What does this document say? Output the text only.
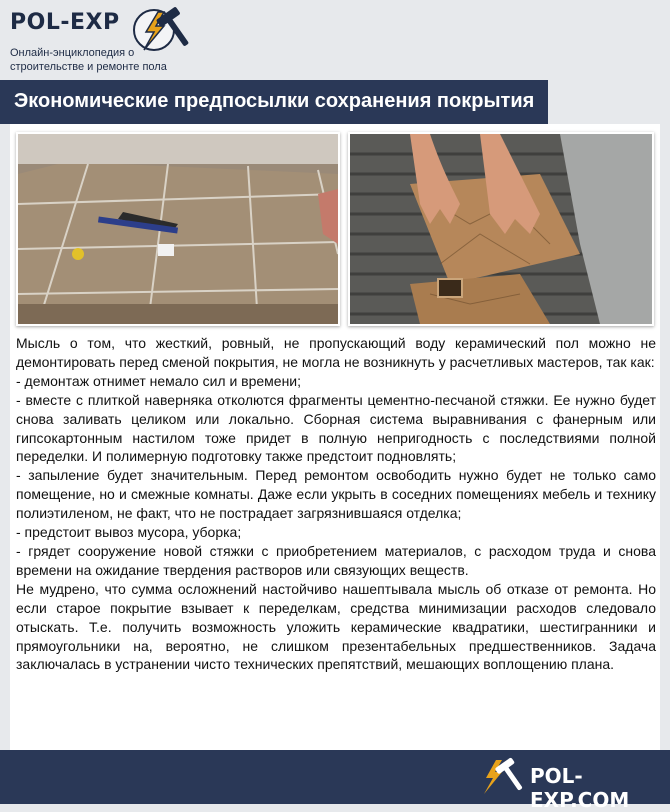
POL-EXP
Онлайн-энциклопедия о строительстве и ремонте пола
Экономические предпосылки сохранения покрытия

Мысль о том, что жесткий, ровный, не пропускающий воду керамический пол можно не демонтировать перед сменой покрытия, не могла не возникнуть у расчетливых мастеров, так как:

- демонтаж отнимет немало сил и времени;

- вместе с плиткой наверняка отколются фрагменты цементно-песчаной стяжки. Ее нужно будет снова заливать целиком или локально. Сборная система выравнивания с фанерным или гипсокартонным настилом тоже придет в полную непригодность с последствиями полной переделки. И полимерную подготовку также предстоит подновлять;

- запыление будет значительным. Перед ремонтом освободить нужно будет не только само помещение, но и смежные комнаты. Даже если укрыть в соседних помещениях мебель и технику полиэтиленом, не факт, что не пострадает загрязнившаяся отделка;

- предстоит вывоз мусора, уборка;

- грядет сооружение новой стяжки с приобретением материалов, с расходом труда и снова времени на ожидание твердения растворов или связующих веществ.

Не мудрено, что сумма осложнений настойчиво нашептывала мысль об отказе от ремонта. Но если старое покрытие взывает к переделкам, средства минимизации расходов следовало отыскать. Т.е. получить возможность уложить керамические квадратики, шестигранники и прямоугольники на, вероятно, не слишком презентабельных предшественников. Задача заключалась в устранении чисто технических препятствий, мешающих воплощению плана.

POL-EXP.COM
